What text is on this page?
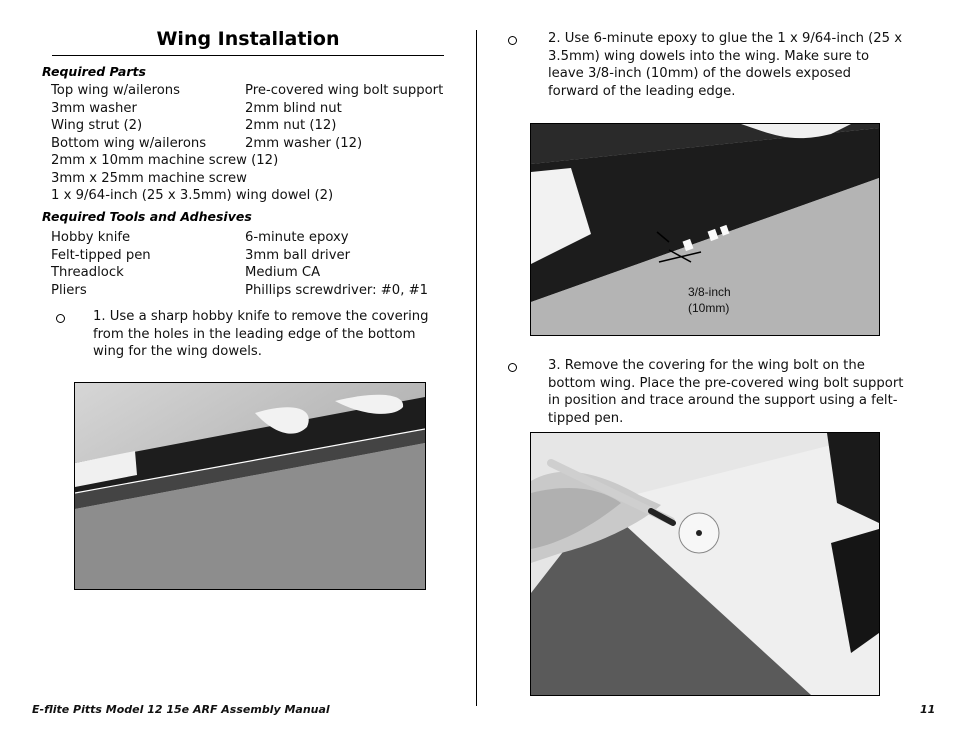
Wing Installation
Required Parts
Top wing w/ailerons	Pre-covered wing bolt support
3mm washer	2mm blind nut
Wing strut (2)	2mm nut (12)
Bottom wing w/ailerons	2mm washer (12)
2mm x 10mm machine screw (12)
3mm x 25mm machine screw
1 x 9/64-inch (25 x 3.5mm) wing dowel (2)
Required Tools and Adhesives
Hobby knife	6-minute epoxy
Felt-tipped pen	3mm ball driver
Threadlock	Medium CA
Pliers	Phillips screwdriver: #0, #1
1. Use a sharp hobby knife to remove the covering from the holes in the leading edge of the bottom wing for the wing dowels.
2. Use 6-minute epoxy to glue the 1 x 9/64-inch (25 x 3.5mm) wing dowels into the wing. Make sure to leave 3/8-inch (10mm) of the dowels exposed forward of the leading edge.
3/8-inch
(10mm)
3. Remove the covering for the wing bolt on the bottom wing. Place the pre-covered wing bolt support in position and trace around the support using a felt-tipped pen.
E-flite Pitts Model 12 15e ARF Assembly Manual	11
